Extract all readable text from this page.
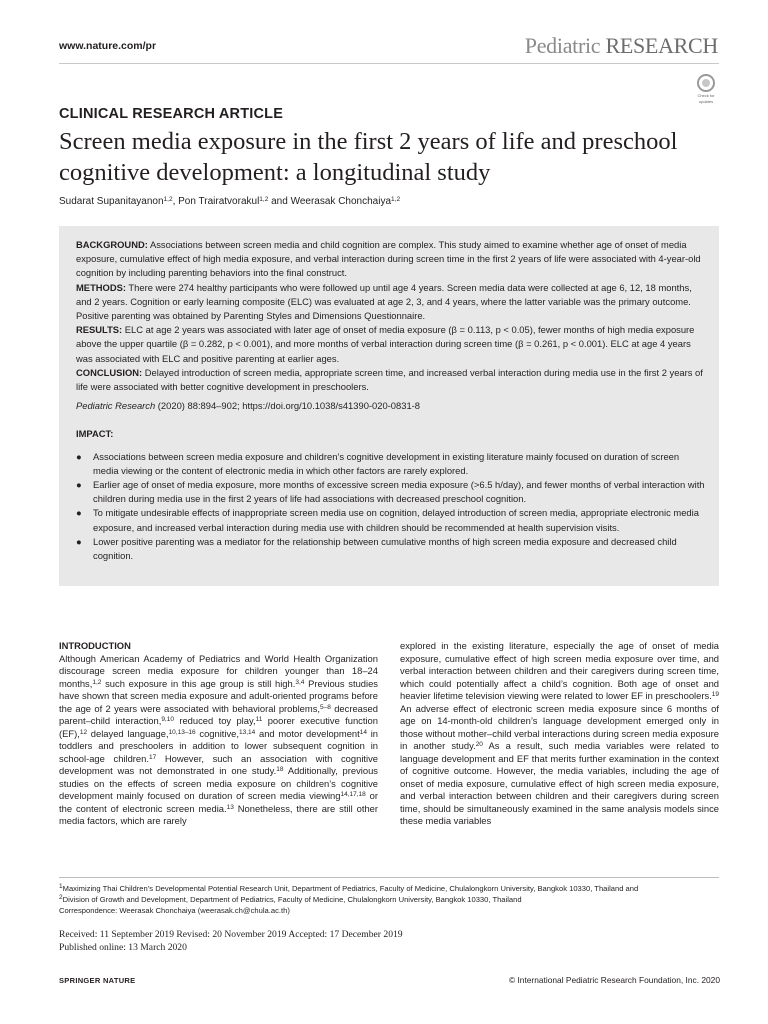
www.nature.com/pr	Pediatric RESEARCH
Check for
updates
CLINICAL RESEARCH ARTICLE
Screen media exposure in the first 2 years of life and preschool cognitive development: a longitudinal study
Sudarat Supanitayanon$^{1,2}$, Pon Trairatvorakul$^{1,2}$ and Weerasak Chonchaiya$^{1,2}$

BACKGROUND: Associations between screen media and child cognition are complex. This study aimed to examine whether age of onset of media exposure, cumulative effect of high media exposure, and verbal interaction during screen time in the first 2 years of life were associated with 4-year-old cognition by including parenting behaviors into the final construct.

METHODS: There were 274 healthy participants who were followed up until age 4 years. Screen media data were collected at age 6, 12, 18 months, and 2 years. Cognition or early learning composite (ELC) was evaluated at age 2, 3, and 4 years, where the latter variable was the primary outcome. Positive parenting was obtained by Parenting Styles and Dimensions Questionnaire.

RESULTS: ELC at age 2 years was associated with later age of onset of media exposure (β = 0.113, p < 0.05), fewer months of high media exposure above the upper quartile (β = 0.282, p < 0.001), and more months of verbal interaction during screen time (β = 0.261, p < 0.001). ELC at age 4 years was associated with ELC and positive parenting at earlier ages.

CONCLUSION: Delayed introduction of screen media, appropriate screen time, and increased verbal interaction during media use in the first 2 years of life were associated with better cognitive development in preschoolers.

Pediatric Research (2020) 88:894–902; https://doi.org/10.1038/s41390-020-0831-8

IMPACT:

● Associations between screen media exposure and children’s cognitive development in existing literature mainly focused on duration of screen media viewing or the content of electronic media in which other factors are rarely explored.
● Earlier age of onset of media exposure, more months of excessive screen media exposure (>6.5 h/day), and fewer months of verbal interaction with children during media use in the first 2 years of life had associations with decreased preschool cognition.
● To mitigate undesirable effects of inappropriate screen media use on cognition, delayed introduction of screen media, appropriate electronic media exposure, and increased verbal interaction during media use with children should be recommended at health supervision visits.
● Lower positive parenting was a mediator for the relationship between cumulative months of high screen media exposure and decreased child cognition.
INTRODUCTION
Although American Academy of Pediatrics and World Health Organization discourage screen media exposure for children younger than 18–24 months,$^{1,2}$ such exposure in this age group is still high.$^{3,4}$ Previous studies have shown that screen media exposure and adult-oriented programs before the age of 2 years were associated with behavioral problems,$^{5-8}$ decreased parent–child interaction,$^{9,10}$ reduced toy play,$^{11}$ poorer executive function (EF),$^{12}$ delayed language,$^{10,13-16}$ cognitive,$^{13,14}$ and motor development$^{14}$ in toddlers and preschoolers in addition to lower subsequent cognition in school-age children.$^{17}$ However, such an association with cognitive development was not demonstrated in one study.$^{18}$ Additionally, previous studies on the effects of screen media exposure on children’s cognitive development mainly focused on duration of screen media viewing$^{14,17,18}$ or the content of electronic screen media.$^{13}$ Nonetheless, there are still other media factors, which are rarely
explored in the existing literature, especially the age of onset of media exposure, cumulative effect of high screen media exposure over time, and verbal interaction between children and their caregivers during screen time, which could potentially affect a child’s cognition. Both age of onset and heavier lifetime television viewing were related to lower EF in preschoolers.$^{19}$ An adverse effect of electronic screen media exposure since 6 months of age on 14-month-old children’s language development emerged only in those without mother–child verbal interactions during screen media exposure in another study.$^{20}$ As a result, such media variables were related to language development and EF that merits further examination in the context of cognitive outcome. However, the media variables, including the age of onset of media exposure, cumulative effect of high screen media exposure, and verbal interaction between children and their caregivers during screen time, should be simultaneously examined in the same analysis models since these media variables

$^1$Maximizing Thai Children’s Developmental Potential Research Unit, Department of Pediatrics, Faculty of Medicine, Chulalongkorn University, Bangkok 10330, Thailand and

$^2$Division of Growth and Development, Department of Pediatrics, Faculty of Medicine, Chulalongkorn University, Bangkok 10330, Thailand

Correspondence: Weerasak Chonchaiya (weerasak.ch@chula.ac.th)

Received: 11 September 2019 Revised: 20 November 2019 Accepted: 17 December 2019

Published online: 13 March 2020

SPRINGER NATURE	© International Pediatric Research Foundation, Inc. 2020
